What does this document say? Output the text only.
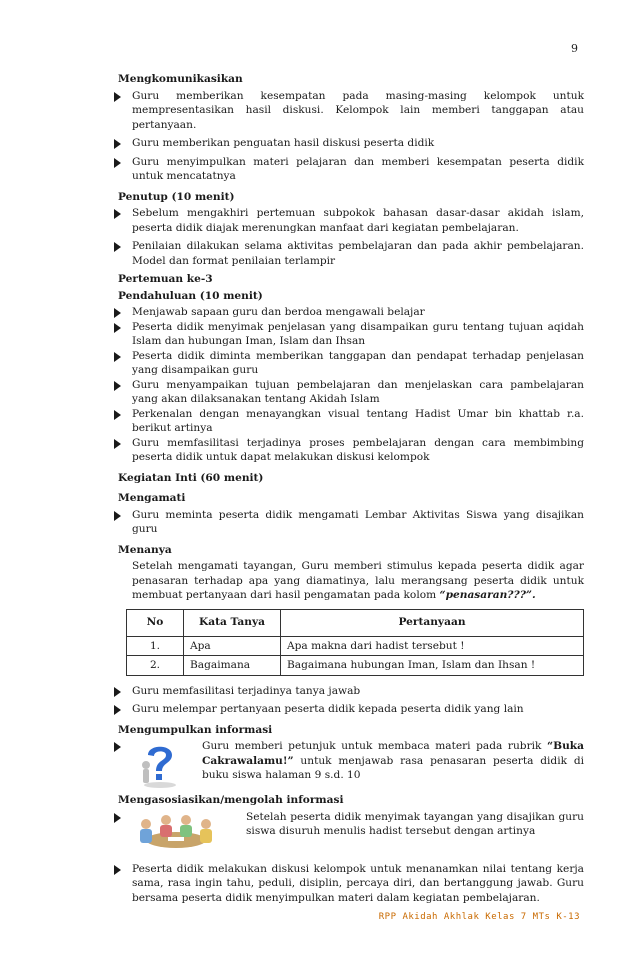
9
Mengkomunikasikan
Guru memberikan kesempatan pada masing-masing kelompok untuk mempresentasikan hasil diskusi. Kelompok lain memberi tanggapan atau pertanyaan.
Guru memberikan penguatan hasil diskusi peserta didik
Guru menyimpulkan materi pelajaran dan memberi kesempatan peserta didik untuk mencatatnya
Penutup (10 menit)
Sebelum mengakhiri pertemuan subpokok bahasan dasar-dasar akidah islam, peserta didik diajak merenungkan manfaat dari kegiatan pembelajaran.
Penilaian dilakukan selama aktivitas pembelajaran dan pada akhir pembelajaran. Model dan format penilaian terlampir
Pertemuan ke-3
Pendahuluan (10 menit)
Menjawab sapaan guru dan berdoa mengawali belajar
Peserta didik menyimak penjelasan yang disampaikan guru tentang tujuan aqidah Islam dan hubungan Iman, Islam dan Ihsan
Peserta didik diminta memberikan tanggapan dan pendapat terhadap penjelasan yang disampaikan guru
Guru menyampaikan tujuan pembelajaran dan menjelaskan cara pambelajaran yang akan dilaksanakan tentang Akidah Islam
Perkenalan dengan menayangkan visual tentang Hadist Umar bin khattab r.a. berikut artinya
Guru memfasilitasi terjadinya proses pembelajaran dengan cara membimbing peserta didik untuk dapat melakukan diskusi kelompok
Kegiatan Inti (60 menit)
Mengamati
Guru meminta peserta didik mengamati Lembar Aktivitas Siswa yang disajikan guru
Menanya
Setelah mengamati tayangan, Guru memberi stimulus kepada peserta didik agar penasaran terhadap apa yang diamatinya, lalu merangsang peserta didik untuk membuat pertanyaan dari hasil pengamatan pada kolom “penasaran???”.
No	Kata Tanya	Pertanyaan
1.	Apa	Apa makna dari hadist tersebut !
2.	Bagaimana	Bagaimana hubungan Iman, Islam dan Ihsan !
Guru memfasilitasi terjadinya tanya jawab
Guru melempar pertanyaan peserta didik kepada peserta didik yang lain
Mengumpulkan informasi
Guru memberi petunjuk untuk membaca materi pada rubrik “Buka Cakrawalamu!” untuk menjawab rasa penasaran peserta didik di buku siswa halaman 9 s.d. 10
Mengasosiasikan/mengolah informasi
Setelah peserta didik menyimak tayangan yang disajikan guru siswa disuruh menulis hadist tersebut dengan artinya
Peserta didik melakukan diskusi kelompok untuk menanamkan nilai tentang kerja sama, rasa ingin tahu, peduli, disiplin, percaya diri, dan bertanggung jawab. Guru bersama peserta didik menyimpulkan materi dalam kegiatan pembelajaran.
RPP Akidah Akhlak Kelas 7 MTs K-13
